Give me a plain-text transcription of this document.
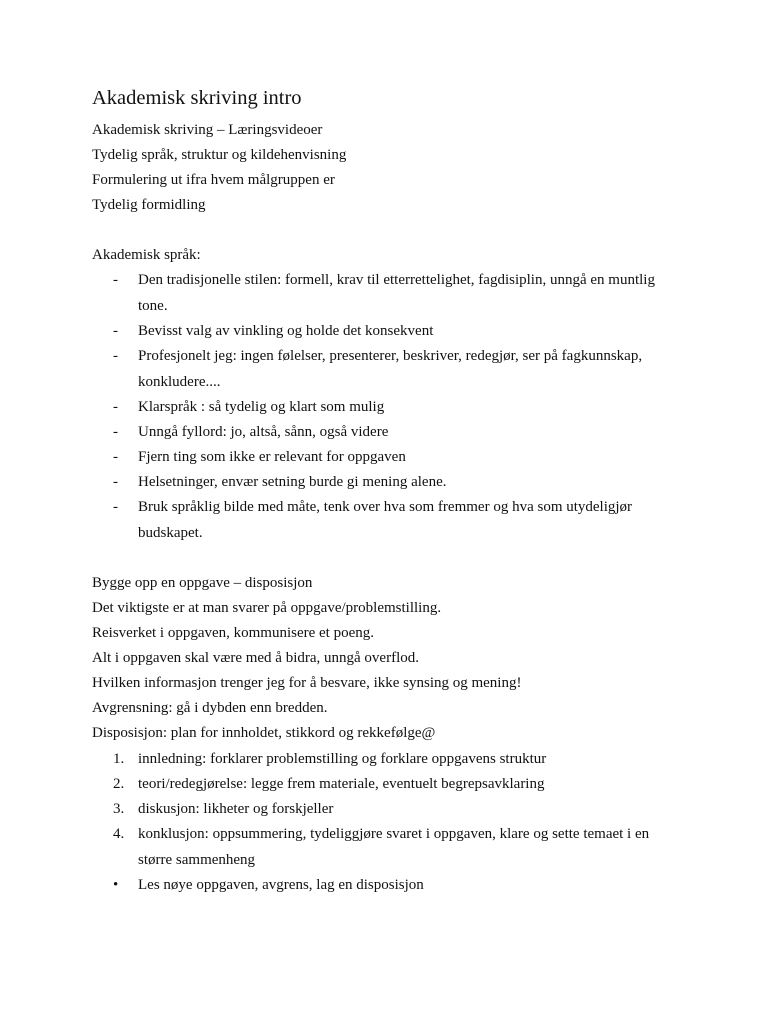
Akademisk skriving intro
Akademisk skriving – Læringsvideoer
Tydelig språk, struktur og kildehenvisning
Formulering ut ifra hvem målgruppen er
Tydelig formidling
Akademisk språk:
- Den tradisjonelle stilen: formell, krav til etterrettelighet, fagdisiplin, unngå en muntlig
tone.
- Bevisst valg av vinkling og holde det konsekvent
- Profesjonelt jeg: ingen følelser, presenterer, beskriver, redegjør, ser på fagkunnskap,
konkludere....
- Klarspråk : så tydelig og klart som mulig
- Unngå fyllord: jo, altså, sånn, også videre
- Fjern ting som ikke er relevant for oppgaven
- Helsetninger, envær setning burde gi mening alene.
- Bruk språklig bilde med måte, tenk over hva som fremmer og hva som utydeligjør
budskapet.
Bygge opp en oppgave – disposisjon
Det viktigste er at man svarer på oppgave/problemstilling.
Reisverket i oppgaven, kommunisere et poeng.
Alt i oppgaven skal være med å bidra, unngå overflod.
Hvilken informasjon trenger jeg for å besvare, ikke synsing og mening!
Avgrensning: gå i dybden enn bredden.
Disposisjon: plan for innholdet, stikkord og rekkefølge@
1. innledning: forklarer problemstilling og forklare oppgavens struktur
2. teori/redegjørelse: legge frem materiale, eventuelt begrepsavklaring
3. diskusjon: likheter og forskjeller
4. konklusjon: oppsummering, tydeliggjøre svaret i oppgaven, klare og sette temaet i en
større sammenheng
• Les nøye oppgaven, avgrens, lag en disposisjon
